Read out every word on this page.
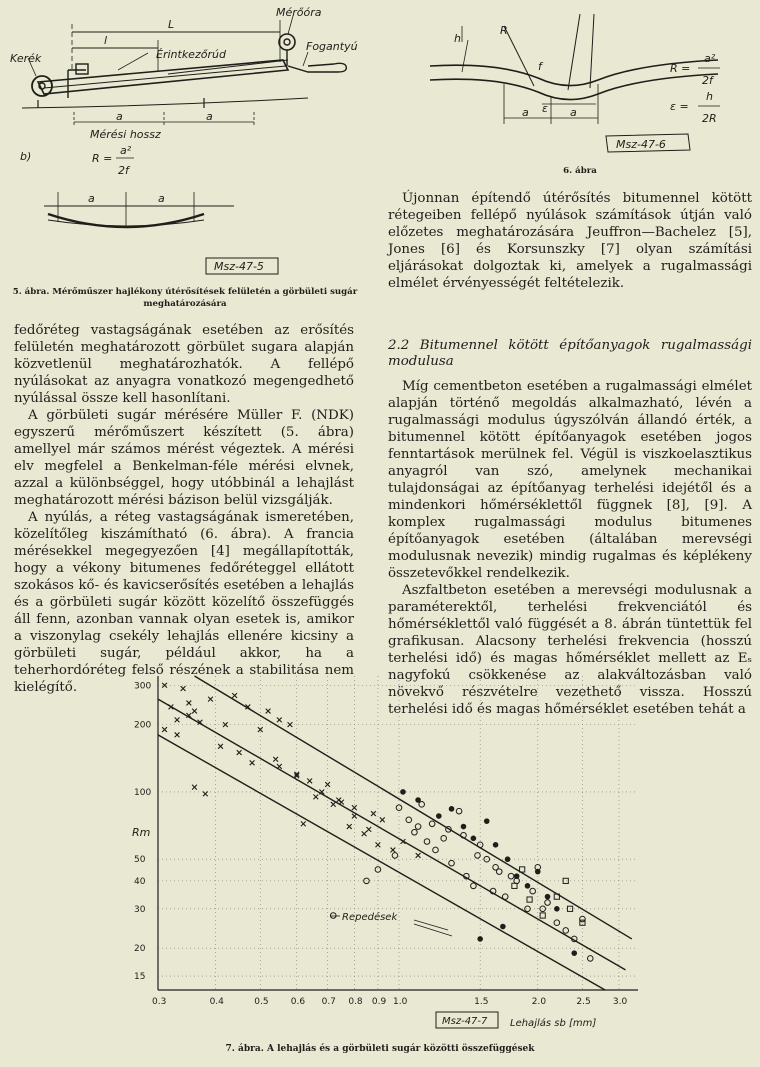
Kerék
Mérőóra
Érintkezőrúd
Fogantyú
L
l
a	a
Mérési hossz
b)	R =
a²
2f
a	a
Msz-47-5
5. ábra. Mérőműszer hajlékony útérősítések felületén a görbületi sugár meghatározására
h
R
f
ε
a	a
R =
a²
2f
ε =
h
2R
Msz-47-6
6. ábra

Újonnan építendő útérősítés bitumennel kötött rétegeiben fellépő nyúlások számítások útján való előzetes meghatározására Jeuffron—Bachelez [5], Jones [6] és Korsunszky [7] olyan számítási eljárásokat dolgoztak ki, amelyek a rugalmassági elmélet érvényességét feltételezik.

2.2 Bitumennel kötött építőanyagok rugalmassági modulusa

Míg cementbeton esetében a rugalmassági elmélet alapján történő megoldás alkalmazható, lévén a rugalmassági modulus úgyszólván állandó érték, a bitumennel kötött építőanyagok esetében jogos fenntartások merülnek fel. Végül is viszkoelasztikus anyagról van szó, amelynek mechanikai tulajdonságai az építőanyag terhelési idejétől és a mindenkori hőmérséklettől függnek [8], [9]. A komplex rugalmassági modulus bitumenes építőanyagok esetében (általában merevségi modulusnak nevezik) mindig rugalmas és képlékeny összetevőkkel rendelkezik.

Aszfaltbeton esetében a merevségi modulusnak a paraméterektől, terhelési frekvenciától és hőmérséklettől való függését a 8. ábrán tüntettük fel grafikusan. Alacsony terhelési frekvencia (hosszú terhelési idő) és magas hőmérséklet mellett az Eₛ nagyfokú csökkenése az alakváltozásban való növekvő részvételre vezethető vissza. Hosszú terhelési idő és magas hőmérséklet esetében tehát a

fedőréteg vastagságának esetében az erősítés felületén meghatározott görbület sugara alapján közvetlenül meghatározhatók. A fellépő nyúlásokat az anyagra vonatkozó megengedhető nyúlással össze kell hasonlítani.

A görbületi sugár mérésére Müller F. (NDK) egyszerű mérőműszert készített (5. ábra) amellyel már számos mérést végeztek. A mérési elv megfelel a Benkelman-féle mérési elvnek, azzal a különbséggel, hogy utóbbinál a lehajlást meghatározott mérési bázison belül vizsgálják.

A nyúlás, a réteg vastagságának ismeretében, közelítőleg kiszámítható (6. ábra). A francia mérésekkel megegyezően [4] megállapították, hogy a vékony bitumenes fedőréteggel ellátott szokásos kő- és kavicserősítés esetében a lehajlás és a görbületi sugár között közelítő összefüggés áll fenn, azonban vannak olyan esetek is, amikor a viszonylag csekély lehajlás ellenére kicsiny a görbületi sugár, például akkor, ha a teherhordóréteg felső részének a stabilitása nem kielégítő.

0.3	0.4	0.5 0.6 0.7 0.8 0.9 1.0	1.5	2.0	2.5 3.0
15
20
30
40
50
100
200
300
Rm
Lehajlás sb [mm]
Repedések
Msz-47-7
7. ábra. A lehajlás és a görbületi sugár közötti összefüggések
